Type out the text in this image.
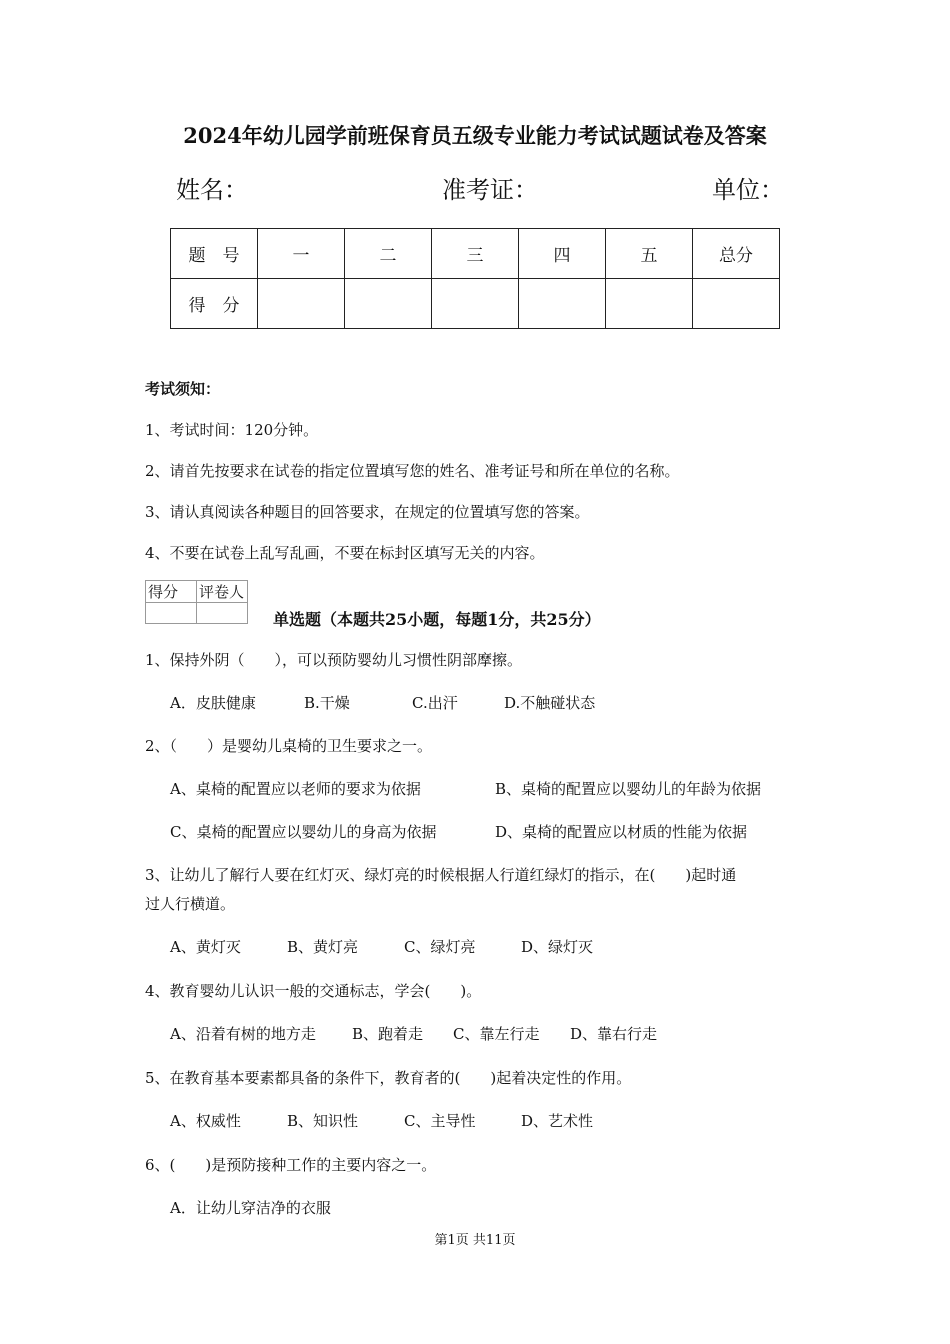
2024年幼儿园学前班保育员五级专业能力考试试题试卷及答案
姓名：	准考证：	单位：
题　号	一	二	三	四	五	总分
得　分						
考试须知：
1、考试时间：120分钟。
2、请首先按要求在试卷的指定位置填写您的姓名、准考证号和所在单位的名称。
3、请认真阅读各种题目的回答要求，在规定的位置填写您的答案。
4、不要在试卷上乱写乱画，不要在标封区填写无关的内容。
得分	评卷人

单选题（本题共25小题，每题1分，共25分）
1、保持外阴（　　），可以预防婴幼儿习惯性阴部摩擦。
A．皮肤健康	B.干燥	C.出汗	D.不触碰状态
2、（　　）是婴幼儿桌椅的卫生要求之一。
A、桌椅的配置应以老师的要求为依据	B、桌椅的配置应以婴幼儿的年龄为依据
C、桌椅的配置应以婴幼儿的身高为依据	D、桌椅的配置应以材质的性能为依据
3、让幼儿了解行人要在红灯灭、绿灯亮的时候根据人行道红绿灯的指示，在(　　)起时通
过人行横道。
A、黄灯灭	B、黄灯亮	C、绿灯亮	D、绿灯灭
4、教育婴幼儿认识一般的交通标志，学会(　　)。
A、沿着有树的地方走	B、跑着走	C、靠左行走	D、靠右行走
5、在教育基本要素都具备的条件下，教育者的(　　)起着决定性的作用。
A、权威性	B、知识性	C、主导性	D、艺术性
6、(　　)是预防接种工作的主要内容之一。
A．让幼儿穿洁净的衣服
第1页 共11页
